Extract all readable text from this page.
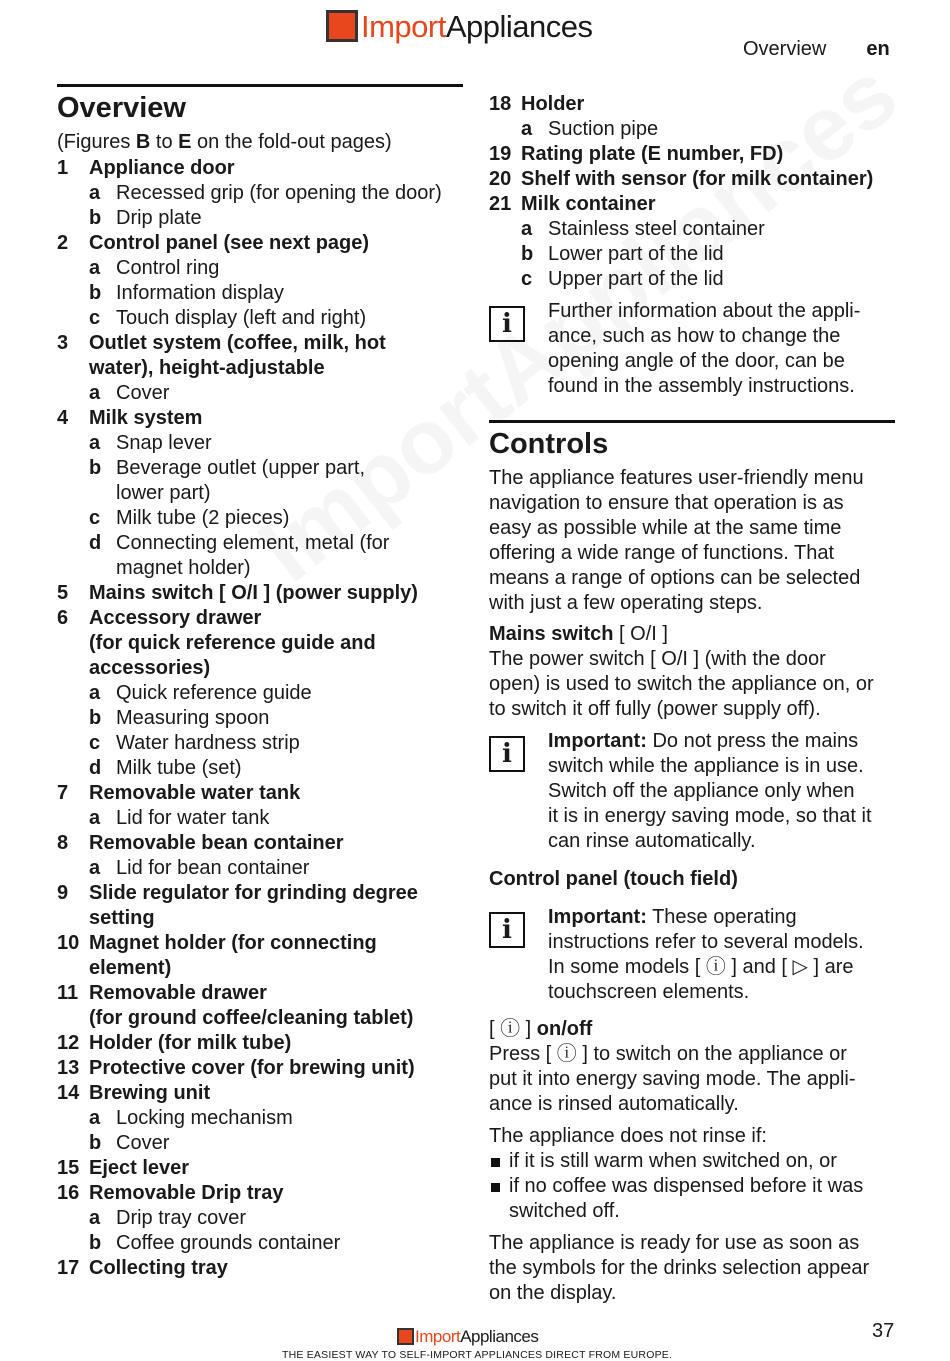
ImportAppliances
Overview en
Overview
(Figures B to E on the fold-out pages)
1 Appliance door
a Recessed grip (for opening the door)
b Drip plate
2 Control panel (see next page)
a Control ring
b Information display
c Touch display (left and right)
3 Outlet system (coffee, milk, hot
water), height-adjustable
a Cover
4 Milk system
a Snap lever
b Beverage outlet (upper part,
lower part)
c Milk tube (2 pieces)
d Connecting element, metal (for
magnet holder)
5 Mains switch [ O/I ] (power supply)
6 Accessory drawer
(for quick reference guide and
accessories)
a Quick reference guide
b Measuring spoon
c Water hardness strip
d Milk tube (set)
7 Removable water tank
a Lid for water tank
8 Removable bean container
a Lid for bean container
9 Slide regulator for grinding degree
setting
10 Magnet holder (for connecting
element)
11 Removable drawer
(for ground coffee/cleaning tablet)
12 Holder (for milk tube)
13 Protective cover (for brewing unit)
14 Brewing unit
a Locking mechanism
b Cover
15 Eject lever
16 Removable Drip tray
a Drip tray cover
b Coffee grounds container
17 Collecting tray
18 Holder
a Suction pipe
19 Rating plate (E number, FD)
20 Shelf with sensor (for milk container)
21 Milk container
a Stainless steel container
b Lower part of the lid
c Upper part of the lid
i	Further information about the appli-
ance, such as how to change the
opening angle of the door, can be
found in the assembly instructions.
Controls
The appliance features user-friendly menu
navigation to ensure that operation is as
easy as possible while at the same time
offering a wide range of functions. That
means a range of options can be selected
with just a few operating steps.
Mains switch [ O/I ]
The power switch [ O/I ] (with the door
open) is used to switch the appliance on, or
to switch it off fully (power supply off).
i	Important: Do not press the mains
switch while the appliance is in use.
Switch off the appliance only when
it is in energy saving mode, so that it
can rinse automatically.
Control panel (touch field)
i	Important: These operating
instructions refer to several models.
In some models [ ⓘ ] and [ ▷ ] are
touchscreen elements.
[ ⓘ ] on/off
Press [ ⓘ ] to switch on the appliance or
put it into energy saving mode. The appli-
ance is rinsed automatically.
The appliance does not rinse if:
if it is still warm when switched on, or
if no coffee was dispensed before it was
switched off.
The appliance is ready for use as soon as
the symbols for the drinks selection appear
on the display.
37
ImportAppliances
THE EASIEST WAY TO SELF-IMPORT APPLIANCES DIRECT FROM EUROPE.
